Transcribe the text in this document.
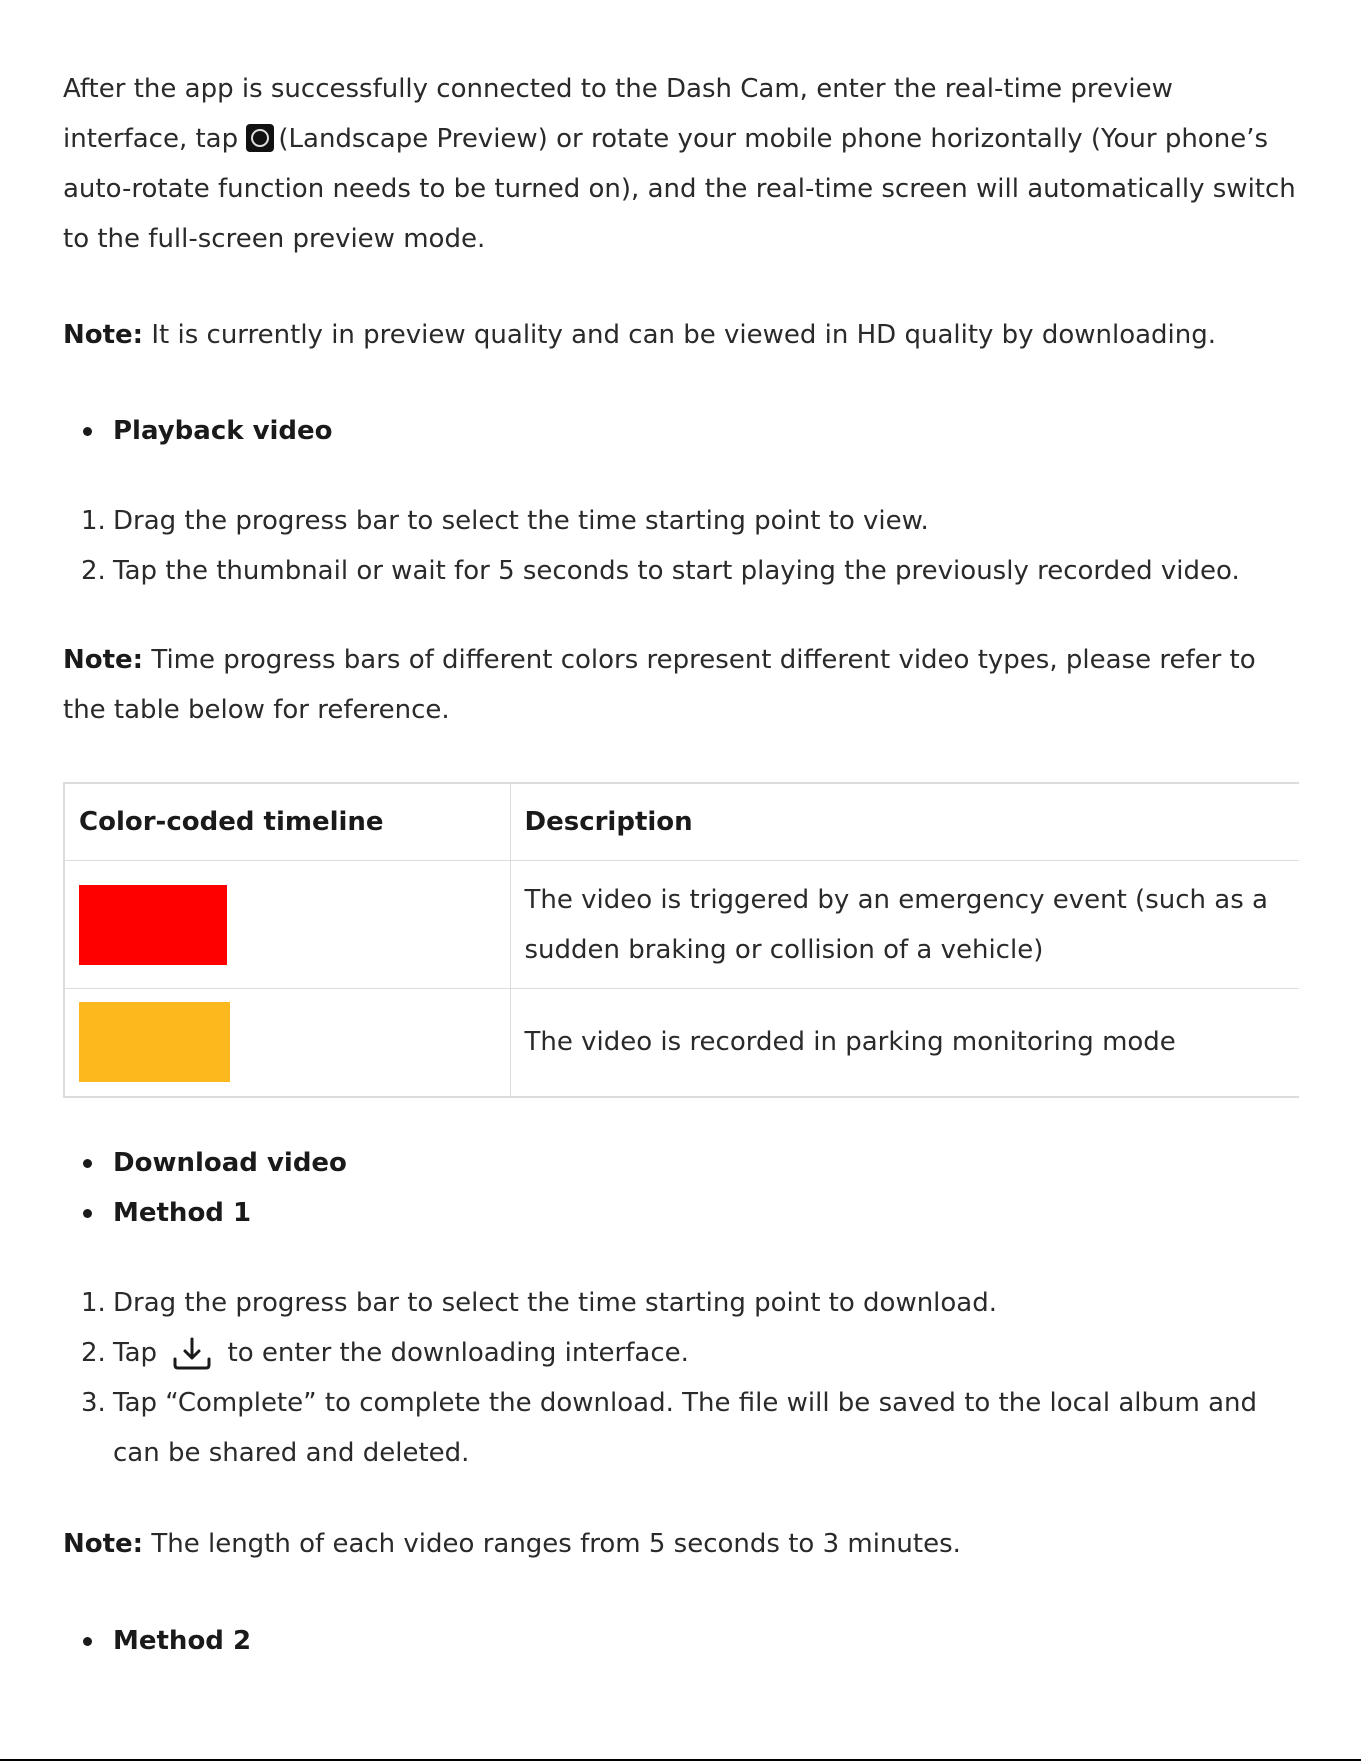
After the app is successfully connected to the Dash Cam, enter the real-time preview interface, tap (Landscape Preview) or rotate your mobile phone horizontally (Your phone’s auto-rotate function needs to be turned on), and the real-time screen will automatically switch to the full-screen preview mode.

Note: It is currently in preview quality and can be viewed in HD quality by downloading.

Playback video
1. Drag the progress bar to select the time starting point to view.
2. Tap the thumbnail or wait for 5 seconds to start playing the previously recorded video.

Note: Time progress bars of different colors represent different video types, please refer to the table below for reference.

Color-coded timeline	Description

	The video is triggered by an emergency event (such as a sudden braking or collision of a vehicle)

	The video is recorded in parking monitoring mode
Download video
Method 1
1. Drag the progress bar to select the time starting point to download.
2. Tap	to enter the downloading interface.
3. Tap “Complete” to complete the download. The file will be saved to the local album and can be shared and deleted.

Note: The length of each video ranges from 5 seconds to 3 minutes.

Method 2
